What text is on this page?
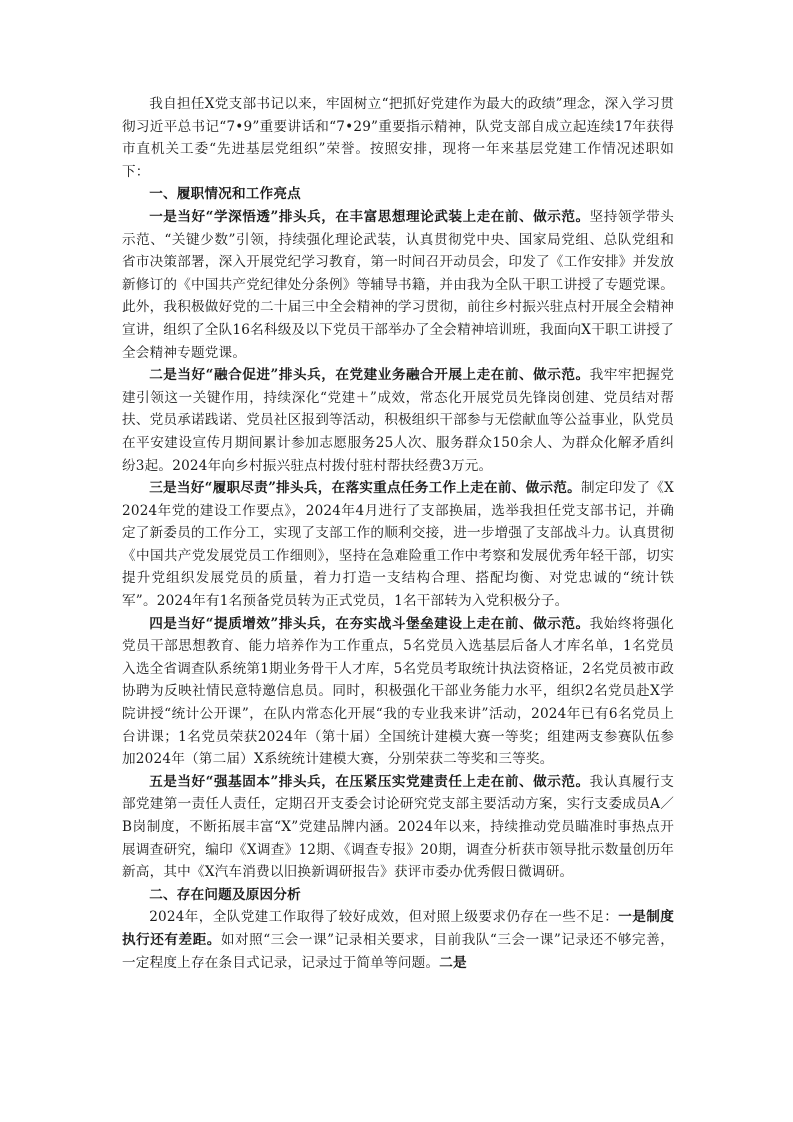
我自担任X党支部书记以来，牢固树立“把抓好党建作为最大的政绩”理念，深入学习贯彻习近平总书记“7•9”重要讲话和“7•29”重要指示精神，队党支部自成立起连续17年获得市直机关工委“先进基层党组织”荣誉。按照安排，现将一年来基层党建工作情况述职如下：

一、履职情况和工作亮点

一是当好“学深悟透”排头兵，在丰富思想理论武装上走在前、做示范。坚持领学带头示范、“关键少数”引领，持续强化理论武装，认真贯彻党中央、国家局党组、总队党组和省市决策部署，深入开展党纪学习教育，第一时间召开动员会，印发了《工作安排》并发放新修订的《中国共产党纪律处分条例》等辅导书籍，并由我为全队干职工讲授了专题党课。此外，我积极做好党的二十届三中全会精神的学习贯彻，前往乡村振兴驻点村开展全会精神宣讲，组织了全队16名科级及以下党员干部举办了全会精神培训班，我面向X干职工讲授了全会精神专题党课。

二是当好“融合促进”排头兵，在党建业务融合开展上走在前、做示范。我牢牢把握党建引领这一关键作用，持续深化“党建＋”成效，常态化开展党员先锋岗创建、党员结对帮扶、党员承诺践诺、党员社区报到等活动，积极组织干部参与无偿献血等公益事业，队党员在平安建设宣传月期间累计参加志愿服务25人次、服务群众150余人、为群众化解矛盾纠纷3起。2024年向乡村振兴驻点村拨付驻村帮扶经费3万元。

三是当好“履职尽责”排头兵，在落实重点任务工作上走在前、做示范。制定印发了《X2024年党的建设工作要点》，2024年4月进行了支部换届，选举我担任党支部书记，并确定了新委员的工作分工，实现了支部工作的顺利交接，进一步增强了支部战斗力。认真贯彻《中国共产党发展党员工作细则》，坚持在急难险重工作中考察和发展优秀年轻干部，切实提升党组织发展党员的质量，着力打造一支结构合理、搭配均衡、对党忠诚的“统计铁军”。2024年有1名预备党员转为正式党员，1名干部转为入党积极分子。

四是当好“提质增效”排头兵，在夯实战斗堡垒建设上走在前、做示范。我始终将强化党员干部思想教育、能力培养作为工作重点，5名党员入选基层后备人才库名单，1名党员入选全省调查队系统第1期业务骨干人才库，5名党员考取统计执法资格证，2名党员被市政协聘为反映社情民意特邀信息员。同时，积极强化干部业务能力水平，组织2名党员赴X学院讲授“统计公开课”，在队内常态化开展“我的专业我来讲”活动，2024年已有6名党员上台讲课；1名党员荣获2024年（第十届）全国统计建模大赛一等奖；组建两支参赛队伍参加2024年（第二届）X系统统计建模大赛，分别荣获二等奖和三等奖。

五是当好“强基固本”排头兵，在压紧压实党建责任上走在前、做示范。我认真履行支部党建第一责任人责任，定期召开支委会讨论研究党支部主要活动方案，实行支委成员A／B岗制度，不断拓展丰富“X”党建品牌内涵。2024年以来，持续推动党员瞄准时事热点开展调查研究，编印《X调查》12期、《调查专报》20期，调查分析获市领导批示数量创历年新高，其中《X汽车消费以旧换新调研报告》获评市委办优秀假日微调研。

二、存在问题及原因分析

2024年，全队党建工作取得了较好成效，但对照上级要求仍存在一些不足：一是制度执行还有差距。如对照“三会一课”记录相关要求，目前我队“三会一课”记录还不够完善，一定程度上存在条目式记录，记录过于简单等问题。二是
